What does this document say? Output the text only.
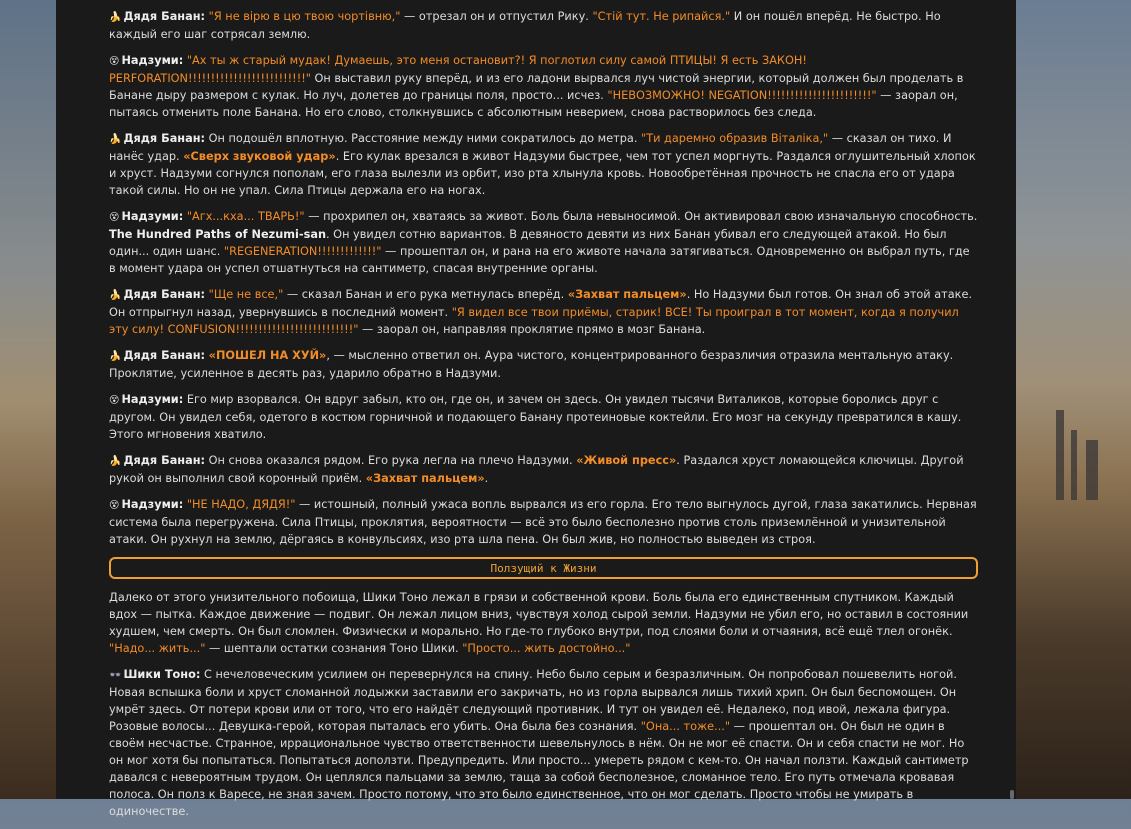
🍌 Дядя Банан: "Я не вірю в цю твою чортівню," — отрезал он и отпустил Рику. "Стій тут. Не рипайся." И он пошёл вперёд. Не быстро. Но каждый его шаг сотрясал землю.

😵 Надзуми: "Ах ты ж старый мудак! Думаешь, это меня остановит?! Я поглотил силу самой ПТИЦЫ! Я есть ЗАКОН! PERFORATION!!!!!!!!!!!!!!!!!!!!!!!!!!" Он выставил руку вперёд, и из его ладони вырвался луч чистой энергии, который должен был проделать в Банане дыру размером с кулак. Но луч, долетев до границы поля, просто... исчез. "НЕВОЗМОЖНО! NEGATION!!!!!!!!!!!!!!!!!!!!!!!" — заорал он, пытаясь отменить поле Банана. Но его слово, столкнувшись с абсолютным неверием, снова растворилось без следа.

🍌 Дядя Банан: Он подошёл вплотную. Расстояние между ними сократилось до метра. "Ти даремно образив Віталіка," — сказал он тихо. И нанёс удар. «Сверх звуковой удар». Его кулак врезался в живот Надзуми быстрее, чем тот успел моргнуть. Раздался оглушительный хлопок и хруст. Надзуми согнулся пополам, его глаза вылезли из орбит, изо рта хлынула кровь. Новообретённая прочность не спасла его от удара такой силы. Но он не упал. Сила Птицы держала его на ногах.

😵 Надзуми: "Агх...кха... ТВАРЬ!" — прохрипел он, хватаясь за живот. Боль была невыносимой. Он активировал свою изначальную способность. The Hundred Paths of Nezumi-san. Он увидел сотню вариантов. В девяносто девяти из них Банан убивал его следующей атакой. Но был один... один шанс. "REGENERATION!!!!!!!!!!!!!" — прошептал он, и рана на его животе начала затягиваться. Одновременно он выбрал путь, где в момент удара он успел отшатнуться на сантиметр, спасая внутренние органы.

🍌 Дядя Банан: "Ще не все," — сказал Банан и его рука метнулась вперёд. «Захват пальцем». Но Надзуми был готов. Он знал об этой атаке. Он отпрыгнул назад, увернувшись в последний момент. "Я видел все твои приёмы, старик! ВСЕ! Ты проиграл в тот момент, когда я получил эту силу! CONFUSION!!!!!!!!!!!!!!!!!!!!!!!!!!" — заорал он, направляя проклятие прямо в мозг Банана.

🍌 Дядя Банан: «ПОШЕЛ НА ХУЙ», — мысленно ответил он. Аура чистого, концентрированного безразличия отразила ментальную атаку. Проклятие, усиленное в десять раз, ударило обратно в Надзуми.

😵 Надзуми: Его мир взорвался. Он вдруг забыл, кто он, где он, и зачем он здесь. Он увидел тысячи Виталиков, которые боролись друг с другом. Он увидел себя, одетого в костюм горничной и подающего Банану протеиновые коктейли. Его мозг на секунду превратился в кашу. Этого мгновения хватило.

🍌 Дядя Банан: Он снова оказался рядом. Его рука легла на плечо Надзуми. «Живой пресс». Раздался хруст ломающейся ключицы. Другой рукой он выполнил свой коронный приём. «Захват пальцем».

😵 Надзуми: "НЕ НАДО, ДЯДЯ!" — истошный, полный ужаса вопль вырвался из его горла. Его тело выгнулось дугой, глаза закатились. Нервная система была перегружена. Сила Птицы, проклятия, вероятности — всё это было бесполезно против столь приземлённой и унизительной атаки. Он рухнул на землю, дёргаясь в конвульсиях, изо рта шла пена. Он был жив, но полностью выведен из строя.

Ползущий к Жизни

Далеко от этого унизительного побоища, Шики Тоно лежал в грязи и собственной крови. Боль была его единственным спутником. Каждый вдох — пытка. Каждое движение — подвиг. Он лежал лицом вниз, чувствуя холод сырой земли. Надзуми не убил его, но оставил в состоянии худшем, чем смерть. Он был сломлен. Физически и морально. Но где-то глубоко внутри, под слоями боли и отчаяния, всё ещё тлел огонёк. "Надо... жить..." — шептали остатки сознания Тоно Шики. "Просто... жить достойно..."

👓 Шики Тоно: С нечеловеческим усилием он перевернулся на спину. Небо было серым и безразличным. Он попробовал пошевелить ногой. Новая вспышка боли и хруст сломанной лодыжки заставили его закричать, но из горла вырвался лишь тихий хрип. Он был беспомощен. Он умрёт здесь. От потери крови или от того, что его найдёт следующий противник. И тут он увидел её. Недалеко, под ивой, лежала фигура. Розовые волосы... Девушка-герой, которая пыталась его убить. Она была без сознания. "Она... тоже..." — прошептал он. Он был не один в своём несчастье. Странное, иррациональное чувство ответственности шевельнулось в нём. Он не мог её спасти. Он и себя спасти не мог. Но он мог хотя бы попытаться. Попытаться доползти. Предупредить. Или просто... умереть рядом с кем-то. Он начал ползти. Каждый сантиметр давался с невероятным трудом. Он цеплялся пальцами за землю, таща за собой бесполезное, сломанное тело. Его путь отмечала кровавая полоса. Он полз к Варесе, не зная зачем. Просто потому, что это было единственное, что он мог сделать. Просто чтобы не умирать в одиночестве.
